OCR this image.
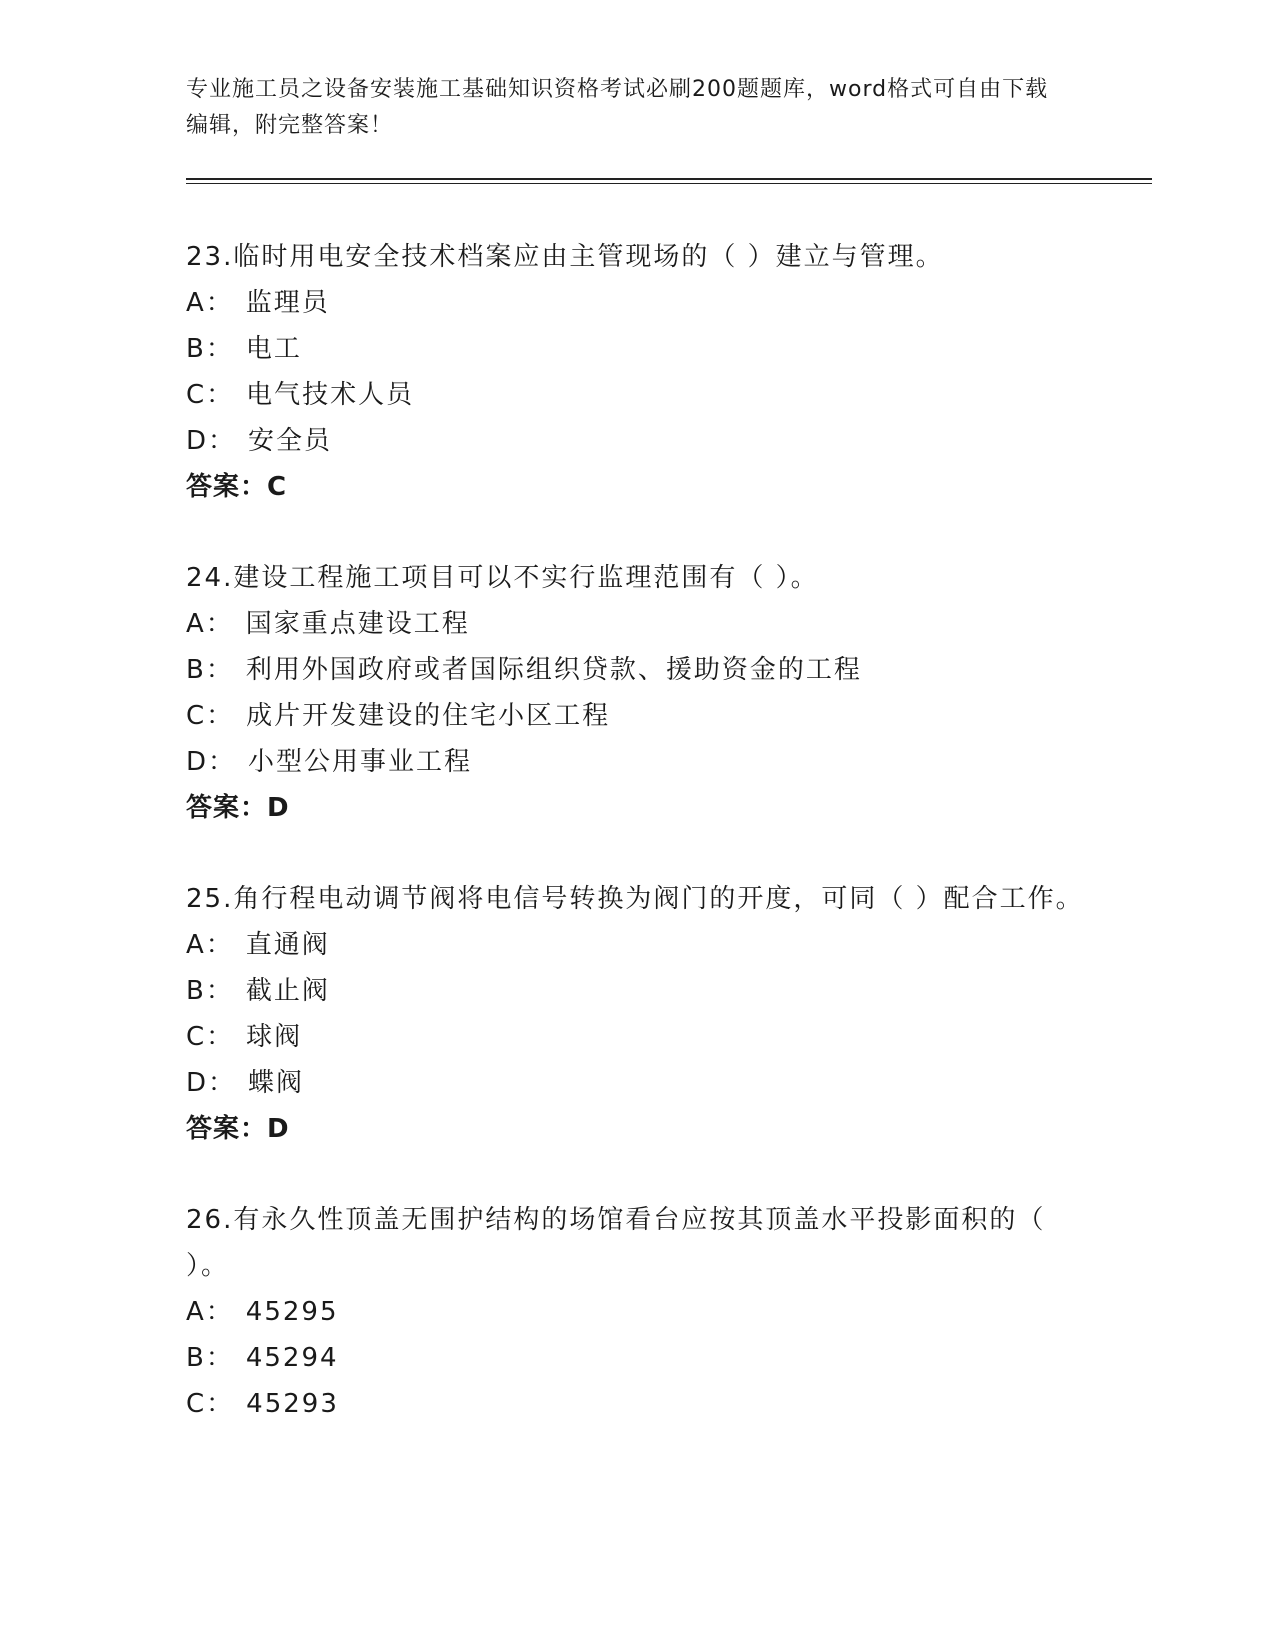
专业施工员之设备安装施工基础知识资格考试必刷200题题库，word格式可自由下载编辑，附完整答案！
23.临时用电安全技术档案应由主管现场的（ ）建立与管理。
A： 监理员
B： 电工
C： 电气技术人员
D： 安全员
答案：C
24.建设工程施工项目可以不实行监理范围有（ ）。
A： 国家重点建设工程
B： 利用外国政府或者国际组织贷款、援助资金的工程
C： 成片开发建设的住宅小区工程
D： 小型公用事业工程
答案：D
25.角行程电动调节阀将电信号转换为阀门的开度，可同（ ）配合工作。
A： 直通阀
B： 截止阀
C： 球阀
D： 蝶阀
答案：D
26.有永久性顶盖无围护结构的场馆看台应按其顶盖水平投影面积的（ ）。
A： 45295
B： 45294
C： 45293
